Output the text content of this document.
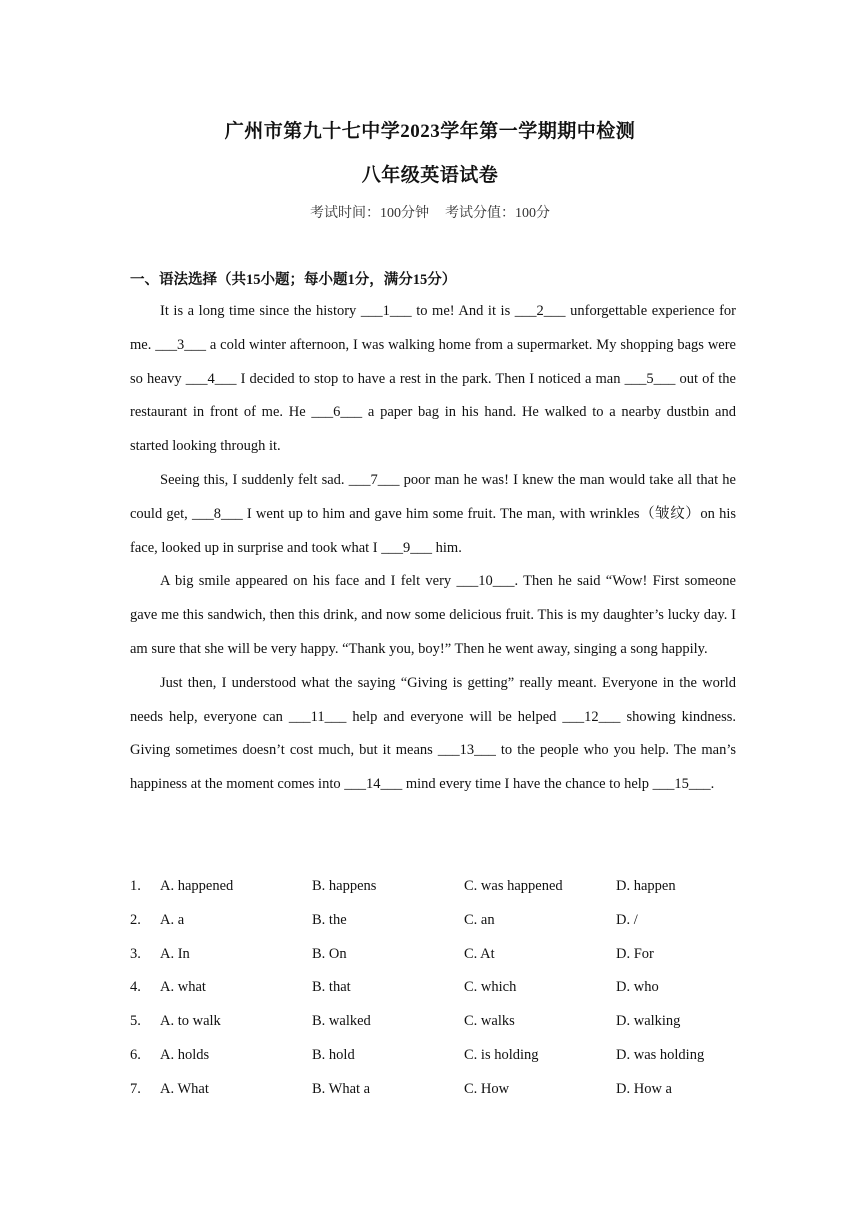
广州市第九十七中学2023学年第一学期期中检测
八年级英语试卷
考试时间：100分钟 考试分值：100分
一、语法选择（共15小题；每小题1分，满分15分）

It is a long time since the history ___1___ to me! And it is ___2___ unforgettable experience for me. ___3___ a cold winter afternoon, I was walking home from a supermarket. My shopping bags were so heavy ___4___ I decided to stop to have a rest in the park. Then I noticed a man ___5___ out of the restaurant in front of me. He ___6___ a paper bag in his hand. He walked to a nearby dustbin and started looking through it.

Seeing this, I suddenly felt sad. ___7___ poor man he was! I knew the man would take all that he could get, ___8___ I went up to him and gave him some fruit. The man, with wrinkles（皱纹）on his face, looked up in surprise and took what I ___9___ him.

A big smile appeared on his face and I felt very ___10___. Then he said “Wow! First someone gave me this sandwich, then this drink, and now some delicious fruit. This is my daughter’s lucky day. I am sure that she will be very happy. “Thank you, boy!” Then he went away, singing a song happily.

Just then, I understood what the saying “Giving is getting” really meant. Everyone in the world needs help, everyone can ___11___ help and everyone will be helped ___12___ showing kindness. Giving sometimes doesn’t cost much, but it means ___13___ to the people who you help. The man’s happiness at the moment comes into ___14___ mind every time I have the chance to help ___15___.

1. A. happened	B. happens	C. was happened	D. happen
2. A. a	B. the	C. an	D. /
3. A. In	B. On	C. At	D. For
4. A. what	B. that	C. which	D. who
5. A. to walk	B. walked	C. walks	D. walking
6. A. holds	B. hold	C. is holding	D. was holding
7. A. What	B. What a	C. How	D. How a
